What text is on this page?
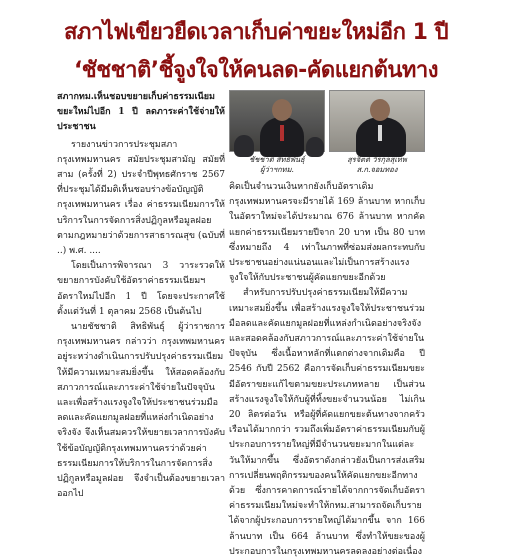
สภาไฟเขียวยืดเวลาเก็บค่าขยะใหม่อีก 1 ปี
‘ชัชชาติ’ชี้จูงใจให้คนลด-คัดแยกต้นทาง

สภากทม.เห็นชอบขยายเก็บค่าธรรมเนียมขยะใหม่ไปอีก 1 ปี ลดภาระค่าใช้จ่ายให้ประชาชน

รายงานข่าวการประชุมสภากรุงเทพมหานคร สมัยประชุมสามัญ สมัยที่สาม (ครั้งที่ 2) ประจำปีพุทธศักราช 2567 ที่ประชุมได้มีมติเห็นชอบร่างข้อบัญญัติกรุงเทพมหานคร เรื่อง ค่าธรรมเนียมการให้บริการในการจัดการสิ่งปฏิกูลหรือมูลฝอย ตามกฎหมายว่าด้วยการสาธารณสุข (ฉบับที่ ..) พ.ศ. ....

โดยเป็นการพิจารณา 3 วาระรวดให้ขยายการบังคับใช้อัตราค่าธรรมเนียมฯ อัตราใหม่ไปอีก 1 ปี โดยจะประกาศใช้ตั้งแต่วันที่ 1 ตุลาคม 2568 เป็นต้นไป

นายชัชชาติ สิทธิพันธุ์ ผู้ว่าราชการกรุงเทพมหานคร กล่าวว่า กรุงเทพมหานครอยู่ระหว่างดำเนินการปรับปรุงค่าธรรมเนียมให้มีความเหมาะสมยิ่งขึ้น ให้สอดคล้องกับสภาวการณ์และภาระค่าใช้จ่ายในปัจจุบัน และเพื่อสร้างแรงจูงใจให้ประชาชนร่วมมือลดและคัดแยกมูลฝอยที่แหล่งกำเนิดอย่างจริงจัง จึงเห็นสมควรให้ขยายเวลาการบังคับใช้ข้อบัญญัติกรุงเทพมหานครว่าด้วยค่าธรรมเนียมการให้บริการในการจัดการสิ่งปฏิกูลหรือมูลฝอย จึงจำเป็นต้องขยายเวลาออกไป

ชัชชาติ สิทธิพันธุ์
ผู้ว่าฯกทม.
สุรจิตต์ วิรกุลสุเทพ
ส.ก.จอมทอง

คิดเป็นจำนวนเงินหากยังเก็บอัตราเดิม กรุงเทพมหานครจะมีรายได้ 169 ล้านบาท หากเก็บในอัตราใหม่จะได้ประมาณ 676 ล้านบาท หากคัดแยกค่าธรรมเนียมรายปีจาก 20 บาท เป็น 80 บาท ซึ่งหมายถึง 4 เท่าในภาพที่ซ่อมส่งผลกระทบกับประชาชนอย่างแน่นอนและไม่เป็นการสร้างแรงจูงใจให้กับประชาชนผู้คัดแยกขยะอีกด้วย

สำหรับการปรับปรุงค่าธรรมเนียมให้มีความเหมาะสมยิ่งขึ้น เพื่อสร้างแรงจูงใจให้ประชาชนร่วมมือลดและคัดแยกมูลฝอยที่แหล่งกำเนิดอย่างจริงจัง และสอดคล้องกับสภาวการณ์และภาระค่าใช้จ่ายในปัจจุบัน ซึ่งเนื้อหาหลักที่แตกต่างจากเดิมคือ ปี 2546 กับปี 2562 คือการจัดเก็บค่าธรรมเนียมขยะมีอัตราขยะแก้ไขตามขยะประเภทหลาย เป็นส่วนสร้างแรงจูงใจให้กับผู้ที่ทิ้งขยะจำนวนน้อย ไม่เกิน 20 ลิตรต่อวัน หรือผู้ที่คัดแยกขยะต้นทางจากครัวเรือนได้มากกว่า รวมถึงเพิ่มอัตราค่าธรรมเนียมกับผู้ประกอบการรายใหญ่ที่มีจำนวนขยะมากในแต่ละวันให้มากขึ้น ซึ่งอัตราดังกล่าวยังเป็นการส่งเสริมการเปลี่ยนพฤติกรรมของคนให้คัดแยกขยะอีกทางด้วย ซึ่งการคาดการณ์รายได้จากการจัดเก็บอัตราค่าธรรมเนียมใหม่จะทำให้กทม.สามารถจัดเก็บรายได้จากผู้ประกอบการรายใหญ่ได้มากขึ้น จาก 166 ล้านบาท เป็น 664 ล้านบาท ซึ่งทำให้ขยะของผู้ประกอบการในกรุงเทพมหานครลดลงอย่างต่อเนื่อง
